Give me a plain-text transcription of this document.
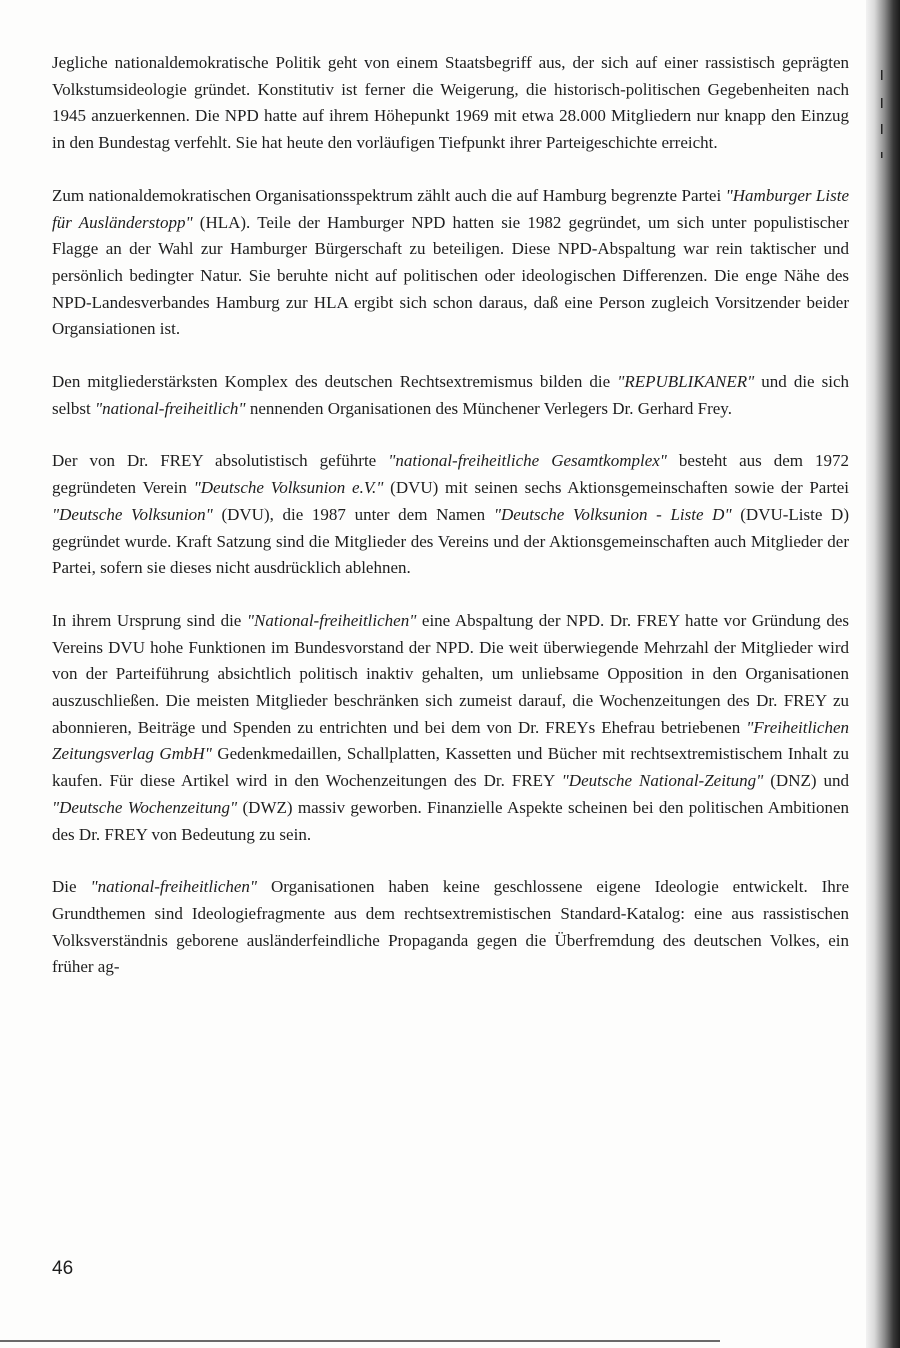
Jegliche nationaldemokratische Politik geht von einem Staatsbegriff aus, der sich auf einer rassistisch geprägten Volkstumsideologie gründet. Konstitutiv ist ferner die Weigerung, die historisch-politischen Gegebenheiten nach 1945 anzuerkennen. Die NPD hatte auf ihrem Höhepunkt 1969 mit etwa 28.000 Mitgliedern nur knapp den Einzug in den Bundestag verfehlt. Sie hat heute den vorläufigen Tiefpunkt ihrer Parteigeschichte erreicht.

Zum nationaldemokratischen Organisationsspektrum zählt auch die auf Hamburg begrenzte Partei "Hamburger Liste für Ausländerstopp" (HLA). Teile der Hamburger NPD hatten sie 1982 gegründet, um sich unter populistischer Flagge an der Wahl zur Hamburger Bürgerschaft zu beteiligen. Diese NPD-Abspaltung war rein taktischer und persönlich bedingter Natur. Sie beruhte nicht auf politischen oder ideologischen Differenzen. Die enge Nähe des NPD-Landesverbandes Hamburg zur HLA ergibt sich schon daraus, daß eine Person zugleich Vorsitzender beider Organsiationen ist.

Den mitgliederstärksten Komplex des deutschen Rechtsextremismus bilden die "REPUBLIKANER" und die sich selbst "national-freiheitlich" nennenden Organisationen des Münchener Verlegers Dr. Gerhard Frey.

Der von Dr. FREY absolutistisch geführte "national-freiheitliche Gesamtkomplex" besteht aus dem 1972 gegründeten Verein "Deutsche Volksunion e.V." (DVU) mit seinen sechs Aktionsgemeinschaften sowie der Partei "Deutsche Volksunion" (DVU), die 1987 unter dem Namen "Deutsche Volksunion - Liste D" (DVU-Liste D) gegründet wurde. Kraft Satzung sind die Mitglieder des Vereins und der Aktionsgemeinschaften auch Mitglieder der Partei, sofern sie dieses nicht ausdrücklich ablehnen.

In ihrem Ursprung sind die "National-freiheitlichen" eine Abspaltung der NPD. Dr. FREY hatte vor Gründung des Vereins DVU hohe Funktionen im Bundesvorstand der NPD. Die weit überwiegende Mehrzahl der Mitglieder wird von der Parteiführung absichtlich politisch inaktiv gehalten, um unliebsame Opposition in den Organisationen auszuschließen. Die meisten Mitglieder beschränken sich zumeist darauf, die Wochenzeitungen des Dr. FREY zu abonnieren, Beiträge und Spenden zu entrichten und bei dem von Dr. FREYs Ehefrau betriebenen "Freiheitlichen Zeitungsverlag GmbH" Gedenkmedaillen, Schallplatten, Kassetten und Bücher mit rechtsextremistischem Inhalt zu kaufen. Für diese Artikel wird in den Wochenzeitungen des Dr. FREY "Deutsche National-Zeitung" (DNZ) und "Deutsche Wochenzeitung" (DWZ) massiv geworben. Finanzielle Aspekte scheinen bei den politischen Ambitionen des Dr. FREY von Bedeutung zu sein.

Die "national-freiheitlichen" Organisationen haben keine geschlossene eigene Ideologie entwickelt. Ihre Grundthemen sind Ideologiefragmente aus dem rechtsextremistischen Standard-Katalog: eine aus rassistischen Volksverständnis geborene ausländerfeindliche Propaganda gegen die Überfremdung des deutschen Volkes, ein früher ag-

46
